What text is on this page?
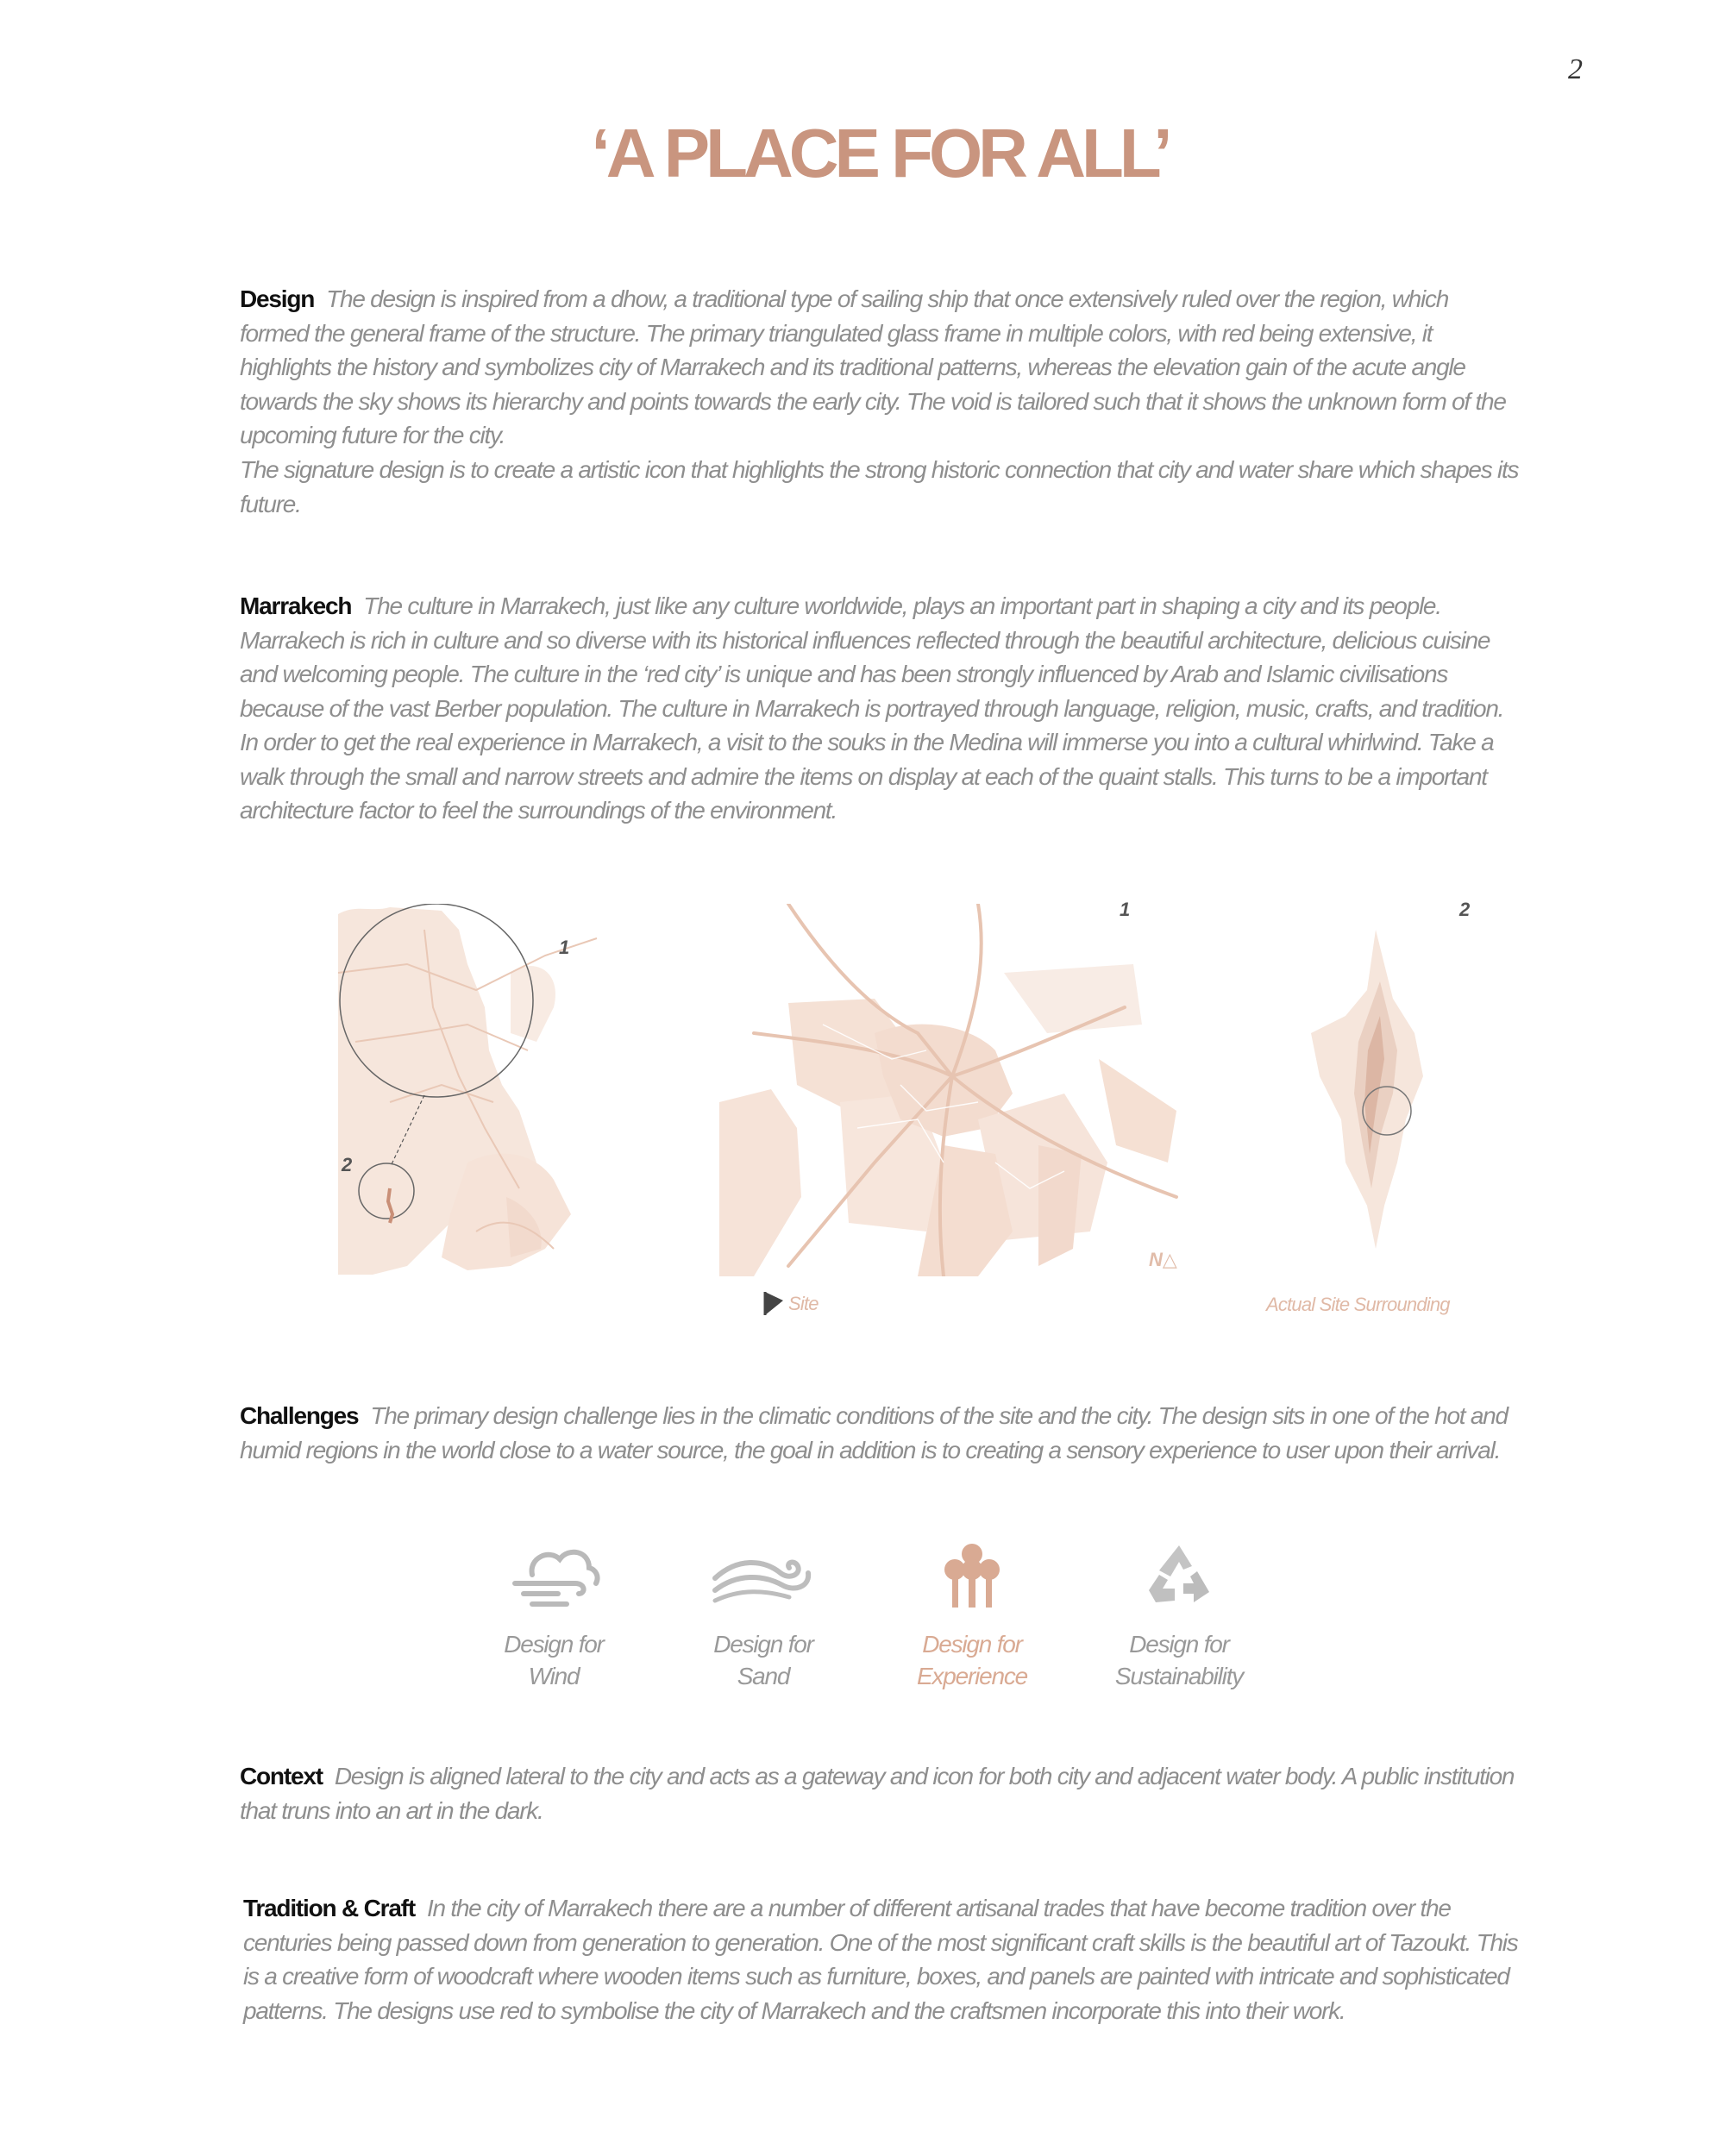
2
‘A PLACE FOR ALL’

Design The design is inspired from a dhow, a traditional type of sailing ship that once extensively ruled over the region, which formed the general frame of the structure. The primary triangulated glass frame in multiple colors, with red being extensive, it highlights the history and symbolizes city of Marrakech and its traditional patterns, whereas the elevation gain of the acute angle towards the sky shows its hierarchy and points towards the early city. The void is tailored such that it shows the unknown form of the upcoming future for the city.

The signature design is to create a artistic icon that highlights the strong historic connection that city and water share which shapes its future.

Marrakech The culture in Marrakech, just like any culture worldwide, plays an important part in shaping a city and its people. Marrakech is rich in culture and so diverse with its historical influences reflected through the beautiful architecture, delicious cuisine and welcoming people. The culture in the ‘red city’ is unique and has been strongly influenced by Arab and Islamic civilisations because of the vast Berber population. The culture in Marrakech is portrayed through language, religion, music, crafts, and tradition. In order to get the real experience in Marrakech, a visit to the souks in the Medina will immerse you into a cultural whirlwind. Take a walk through the small and narrow streets and admire the items on display at each of the quaint stalls. This turns to be a important architecture factor to feel the surroundings of the environment.

1
2
1
N△
Site
2
Actual Site Surrounding

Challenges The primary design challenge lies in the climatic conditions of the site and the city. The design sits in one of the hot and humid regions in the world close to a water source, the goal in addition is to creating a sensory experience to user upon their arrival.

Design for
Wind
Design for
Sand
Design for
Experience
Design for
Sustainability

Context Design is aligned lateral to the city and acts as a gateway and icon for both city and adjacent water body. A public institution that truns into an art in the dark.

Tradition & Craft In the city of Marrakech there are a number of different artisanal trades that have become tradition over the centuries being passed down from generation to generation. One of the most significant craft skills is the beautiful art of Tazoukt. This is a creative form of woodcraft where wooden items such as furniture, boxes, and panels are painted with intricate and sophisticated patterns. The designs use red to symbolise the city of Marrakech and the craftsmen incorporate this into their work.
